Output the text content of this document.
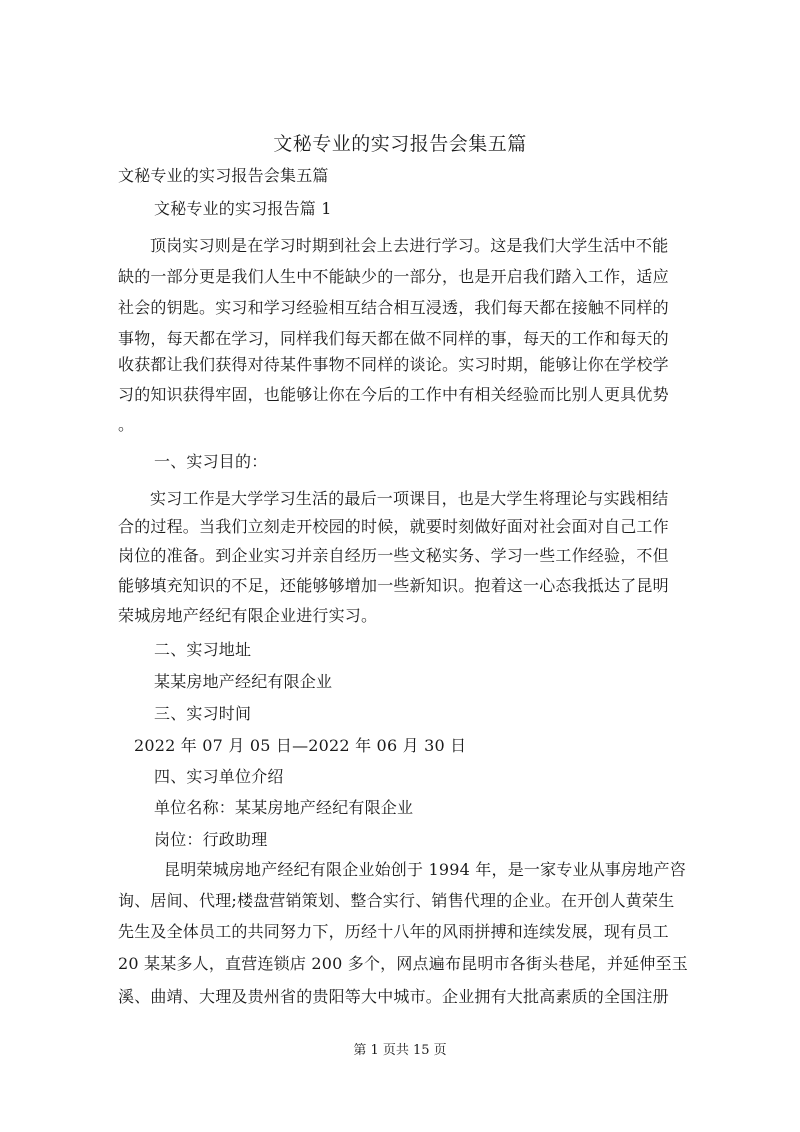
文秘专业的实习报告会集五篇
文秘专业的实习报告会集五篇
文秘专业的实习报告篇 1
顶岗实习则是在学习时期到社会上去进行学习。这是我们大学生活中不能
缺的一部分更是我们人生中不能缺少的一部分，也是开启我们踏入工作，适应
社会的钥匙。实习和学习经验相互结合相互浸透，我们每天都在接触不同样的
事物，每天都在学习，同样我们每天都在做不同样的事，每天的工作和每天的
收获都让我们获得对待某件事物不同样的谈论。实习时期，能够让你在学校学
习的知识获得牢固，也能够让你在今后的工作中有相关经验而比别人更具优势
。
一、实习目的：
实习工作是大学学习生活的最后一项课目，也是大学生将理论与实践相结
合的过程。当我们立刻走开校园的时候，就要时刻做好面对社会面对自己工作
岗位的准备。到企业实习并亲自经历一些文秘实务、学习一些工作经验，不但
能够填充知识的不足，还能够够增加一些新知识。抱着这一心态我抵达了昆明
荣城房地产经纪有限企业进行实习。
二、实习地址
某某房地产经纪有限企业
三、实习时间
2022 年 07 月 05 日—2022 年 06 月 30 日
四、实习单位介绍
单位名称：某某房地产经纪有限企业
岗位：行政助理
昆明荣城房地产经纪有限企业始创于 1994 年，是一家专业从事房地产咨
询、居间、代理;楼盘营销策划、整合实行、销售代理的企业。在开创人黄荣生
先生及全体员工的共同努力下，历经十八年的风雨拼搏和连续发展，现有员工
20 某某多人，直营连锁店 200 多个，网点遍布昆明市各街头巷尾，并延伸至玉
溪、曲靖、大理及贵州省的贵阳等大中城市。企业拥有大批高素质的全国注册
第 1 页共 15 页
